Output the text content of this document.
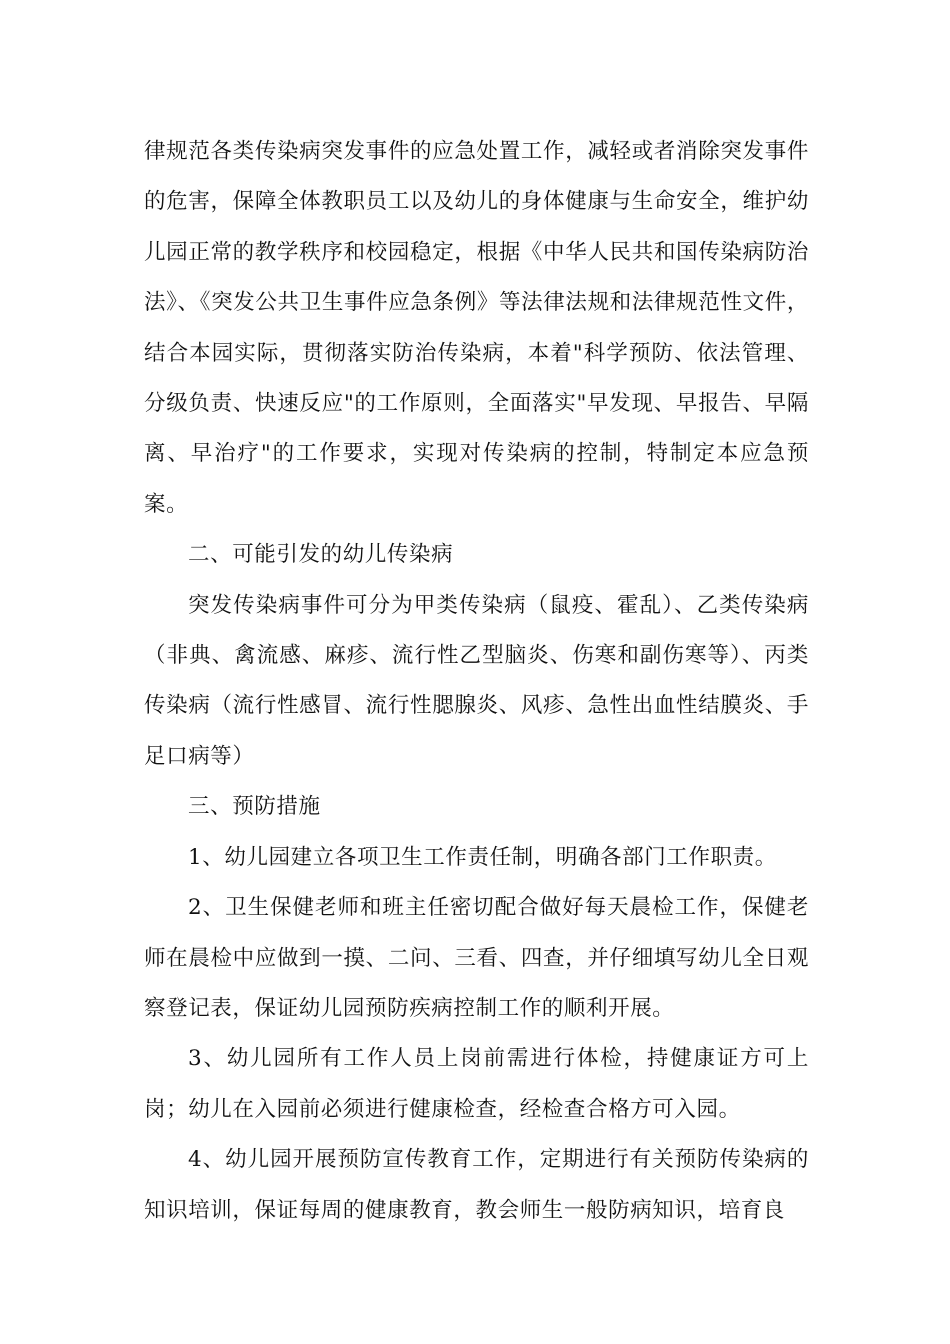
律规范各类传染病突发事件的应急处置工作，减轻或者消除突发事件的危害，保障全体教职员工以及幼儿的身体健康与生命安全，维护幼儿园正常的教学秩序和校园稳定，根据《中华人民共和国传染病防治法》、《突发公共卫生事件应急条例》等法律法规和法律规范性文件，结合本园实际，贯彻落实防治传染病，本着"科学预防、依法管理、分级负责、快速反应"的工作原则，全面落实"早发现、早报告、早隔离、早治疗"的工作要求，实现对传染病的控制，特制定本应急预案。

二、可能引发的幼儿传染病

突发传染病事件可分为甲类传染病（鼠疫、霍乱）、乙类传染病（非典、禽流感、麻疹、流行性乙型脑炎、伤寒和副伤寒等）、丙类传染病（流行性感冒、流行性腮腺炎、风疹、急性出血性结膜炎、手足口病等）

三、预防措施

1、幼儿园建立各项卫生工作责任制，明确各部门工作职责。

2、卫生保健老师和班主任密切配合做好每天晨检工作，保健老师在晨检中应做到一摸、二问、三看、四查，并仔细填写幼儿全日观察登记表，保证幼儿园预防疾病控制工作的顺利开展。

3、幼儿园所有工作人员上岗前需进行体检，持健康证方可上岗；幼儿在入园前必须进行健康检查，经检查合格方可入园。

4、幼儿园开展预防宣传教育工作，定期进行有关预防传染病的知识培训，保证每周的健康教育，教会师生一般防病知识，培育良
